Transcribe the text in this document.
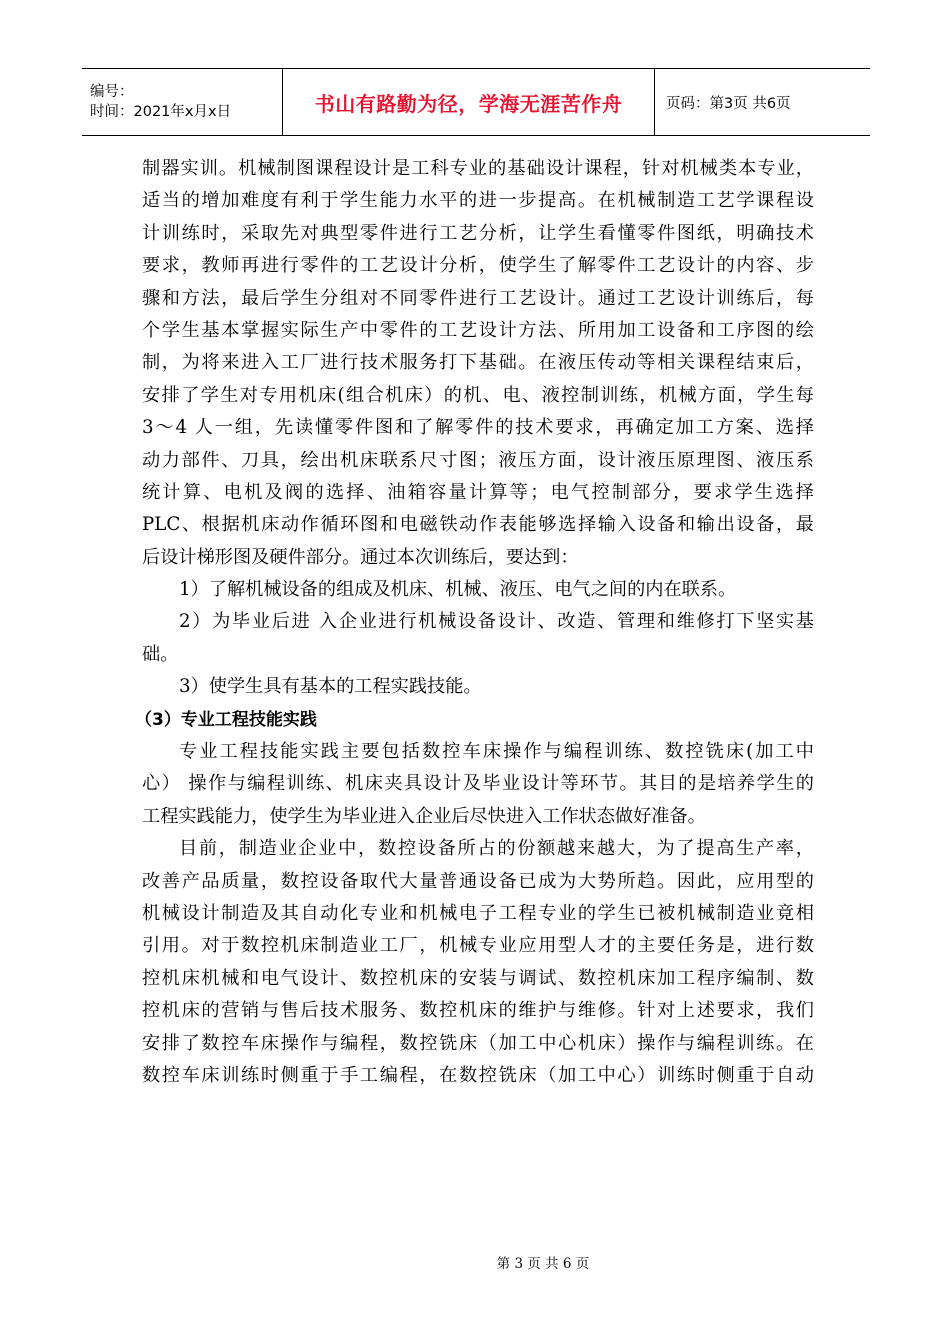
编号：
时间：2021年x月x日	书山有路勤为径，学海无涯苦作舟	页码：第3页 共6页
制器实训。机械制图课程设计是工科专业的基础设计课程，针对机械类本专业，
适当的增加难度有利于学生能力水平的进一步提高。在机械制造工艺学课程设
计训练时，采取先对典型零件进行工艺分析，让学生看懂零件图纸，明确技术
要求，教师再进行零件的工艺设计分析，使学生了解零件工艺设计的内容、步
骤和方法，最后学生分组对不同零件进行工艺设计。通过工艺设计训练后，每
个学生基本掌握实际生产中零件的工艺设计方法、所用加工设备和工序图的绘
制，为将来进入工厂进行技术服务打下基础。在液压传动等相关课程结束后，
安排了学生对专用机床(组合机床）的机、电、液控制训练，机械方面，学生每
3～4 人一组，先读懂零件图和了解零件的技术要求，再确定加工方案、选择
动力部件、刀具，绘出机床联系尺寸图；液压方面，设计液压原理图、液压系
统计算、电机及阀的选择、油箱容量计算等；电气控制部分，要求学生选择
PLC、根据机床动作循环图和电磁铁动作表能够选择输入设备和输出设备，最
后设计梯形图及硬件部分。通过本次训练后，要达到：
1）了解机械设备的组成及机床、机械、液压、电气之间的内在联系。
2）为毕业后进 入企业进行机械设备设计、改造、管理和维修打下坚实基
础。
3）使学生具有基本的工程实践技能。
（3）专业工程技能实践
专业工程技能实践主要包括数控车床操作与编程训练、数控铣床(加工中
心） 操作与编程训练、机床夹具设计及毕业设计等环节。其目的是培养学生的
工程实践能力，使学生为毕业进入企业后尽快进入工作状态做好准备。
目前，制造业企业中，数控设备所占的份额越来越大，为了提高生产率，
改善产品质量，数控设备取代大量普通设备已成为大势所趋。因此，应用型的
机械设计制造及其自动化专业和机械电子工程专业的学生已被机械制造业竟相
引用。对于数控机床制造业工厂，机械专业应用型人才的主要任务是，进行数
控机床机械和电气设计、数控机床的安装与调试、数控机床加工程序编制、数
控机床的营销与售后技术服务、数控机床的维护与维修。针对上述要求，我们
安排了数控车床操作与编程，数控铣床（加工中心机床）操作与编程训练。在
数控车床训练时侧重于手工编程，在数控铣床（加工中心）训练时侧重于自动
第 3 页 共 6 页
